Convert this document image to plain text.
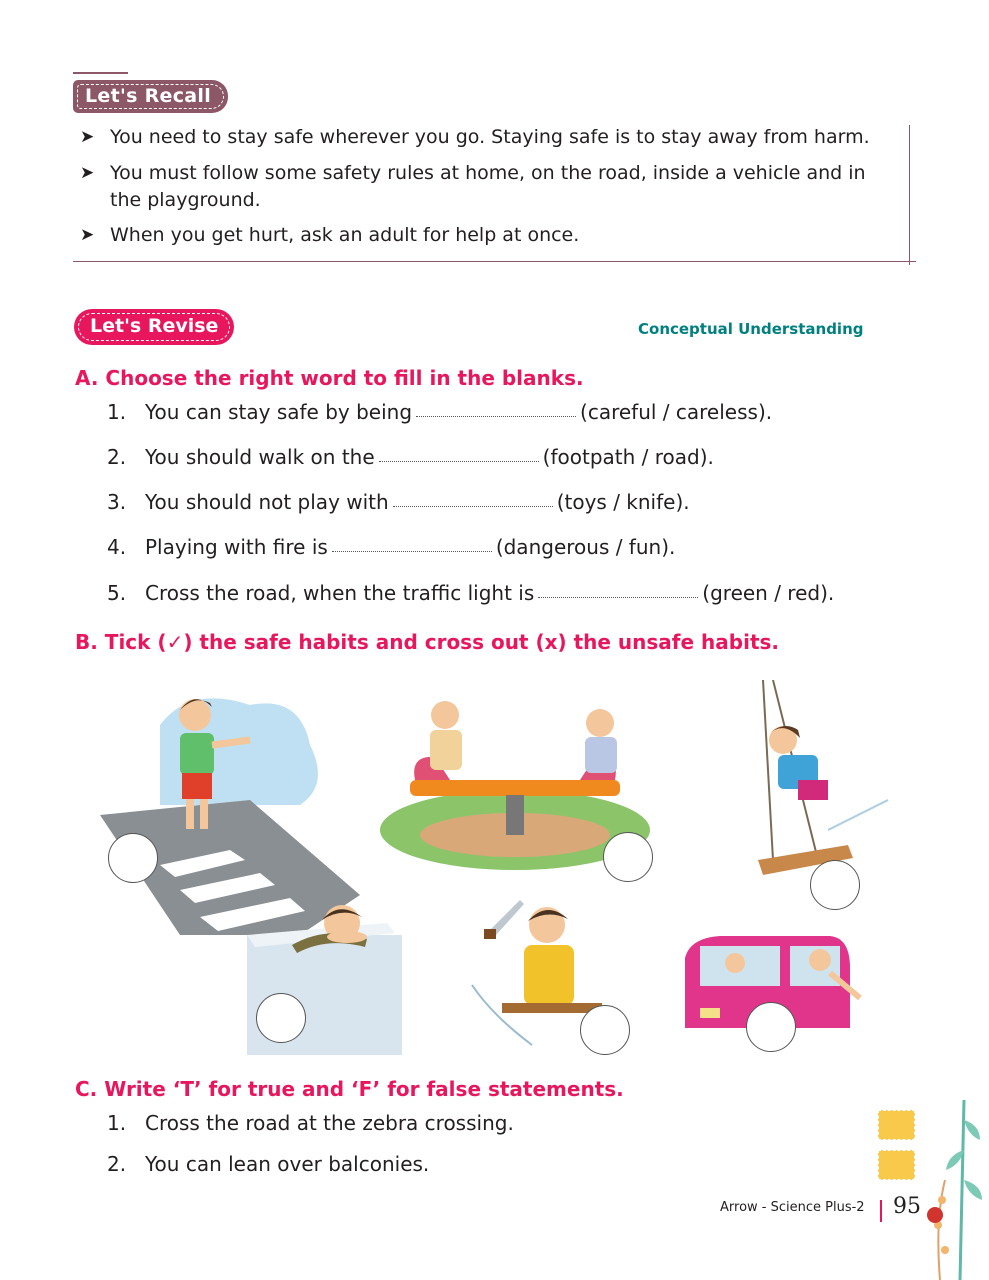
Let's Recall
➤ You need to stay safe wherever you go. Staying safe is to stay away from harm.
➤ You must follow some safety rules at home, on the road, inside a vehicle and in the playground.
➤ When you get hurt, ask an adult for help at once.
Let's Revise	Conceptual Understanding
A. Choose the right word to fill in the blanks.
1. You can stay safe by being	(careful / careless).
2. You should walk on the	(footpath / road).
3. You should not play with	(toys / knife).
4. Playing with fire is	(dangerous / fun).
5. Cross the road, when the traffic light is	(green / red).
B. Tick (✓) the safe habits and cross out (x) the unsafe habits.
C. Write ‘T’ for true and ‘F’ for false statements.
1. Cross the road at the zebra crossing.
2. You can lean over balconies.
Arrow - Science Plus-2 95
